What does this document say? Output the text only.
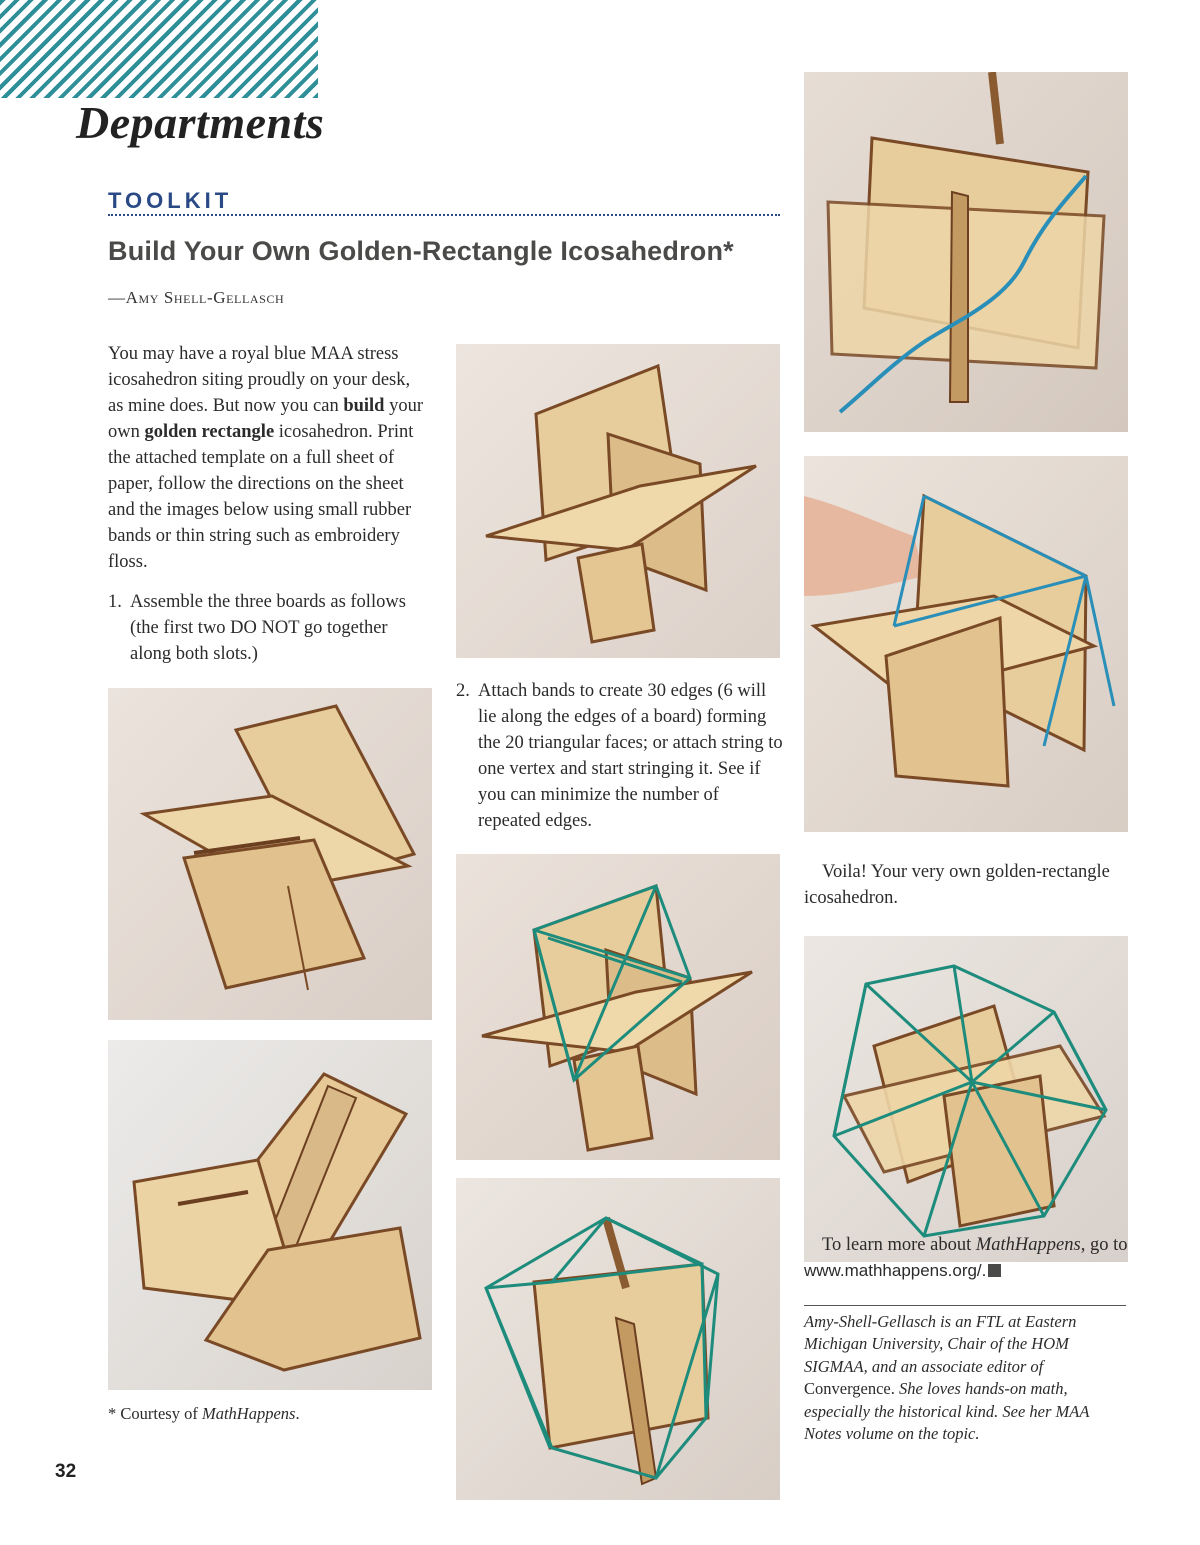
Departments
TOOLKIT
Build Your Own Golden-Rectangle Icosahedron*
—Amy Shell-Gellasch
You may have a royal blue MAA stress icosahedron siting proudly on your desk, as mine does. But now you can build your own golden rectangle icosahedron. Print the attached template on a full sheet of paper, follow the directions on the sheet and the images below using small rubber bands or thin string such as embroidery floss.
1. Assemble the three boards as follows (the first two DO NOT go together along both slots.)
2. Attach bands to create 30 edges (6 will lie along the edges of a board) forming the 20 triangular faces; or attach string to one vertex and start stringing it. See if you can minimize the number of repeated edges.
Voila! Your very own golden-rectangle icosahedron.
To learn more about MathHappens, go to www.mathhappens.org/.
Amy-Shell-Gellasch is an FTL at Eastern Michigan University, Chair of the HOM SIGMAA, and an associate editor of Convergence. She loves hands-on math, especially the historical kind. See her MAA Notes volume on the topic.
* Courtesy of MathHappens.
32
